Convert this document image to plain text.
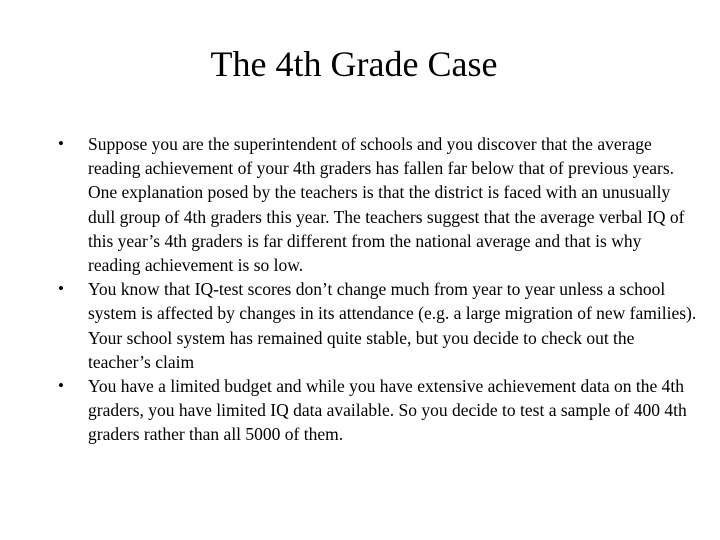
The 4th Grade Case
•	Suppose you are the superintendent of schools and you discover that the average reading achievement of your 4th graders has fallen far below that of previous years. One explanation posed by the teachers is that the district is faced with an unusually dull group of 4th graders this year. The teachers suggest that the average verbal IQ of this year’s 4th graders is far different from the national average and that is why reading achievement is so low.
•	You know that IQ-test scores don’t change much from year to year unless a school system is affected by changes in its attendance (e.g. a large migration of new families). Your school system has remained quite stable, but you decide to check out the teacher’s claim
•	You have a limited budget and while you have extensive achievement data on the 4th graders, you have limited IQ data available. So you decide to test a sample of 400 4th graders rather than all 5000 of them.
